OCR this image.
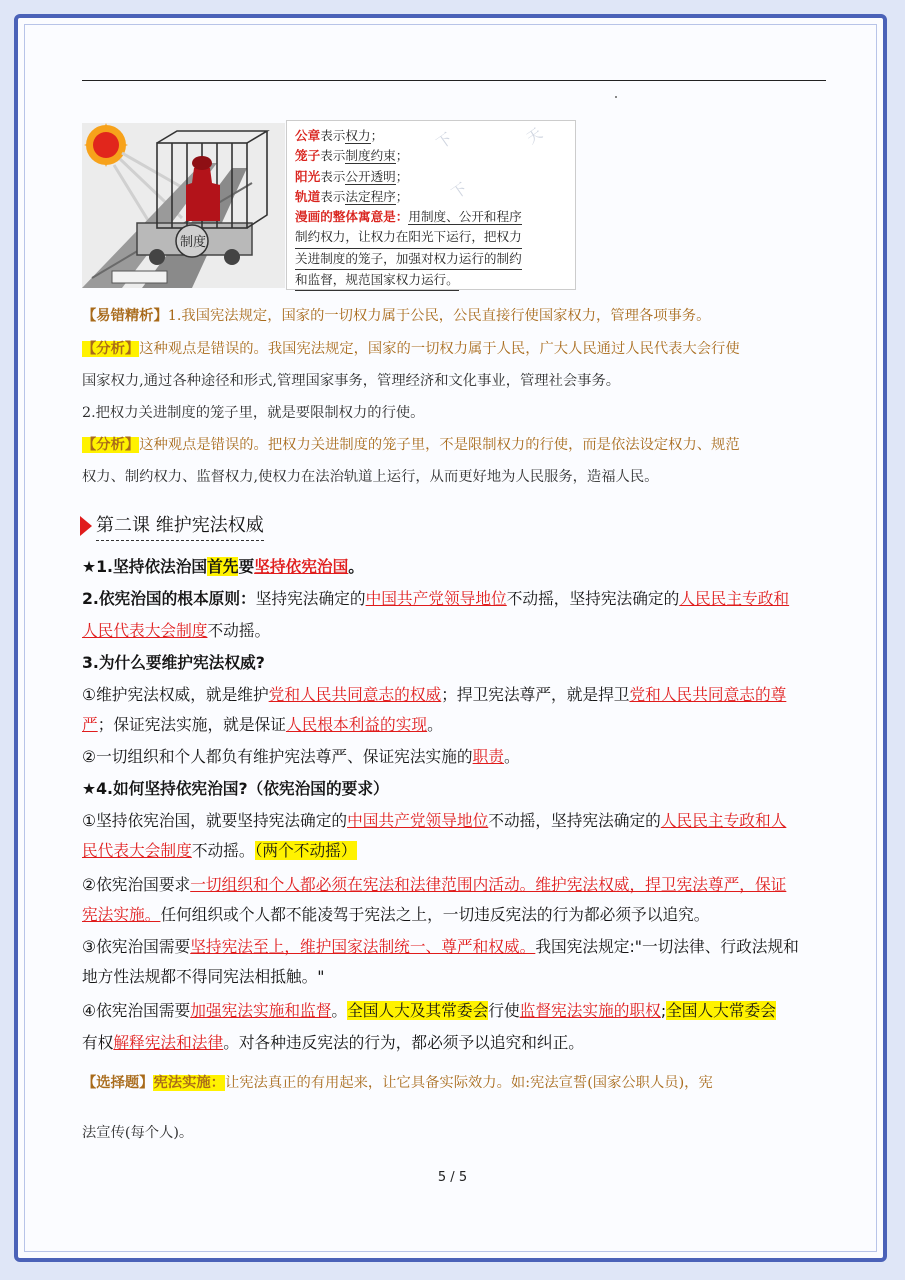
制度
下	天
下
公章表示权力；
笼子表示制度约束；
阳光表示公开透明；
轨道表示法定程序；
漫画的整体寓意是：用制度、公开和程序
制约权力，让权力在阳光下运行，把权力 关进制度的笼子，加强对权力运行的制约 和监督，规范国家权力运行。
【易错精析】1.我国宪法规定，国家的一切权力属于公民，公民直接行使国家权力，管理各项事务。
【分析】这种观点是错误的。我国宪法规定，国家的一切权力属于人民，广大人民通过人民代表大会行使
国家权力,通过各种途径和形式,管理国家事务，管理经济和文化事业，管理社会事务。
2.把权力关进制度的笼子里，就是要限制权力的行使。
【分析】这种观点是错误的。把权力关进制度的笼子里，不是限制权力的行使，而是依法设定权力、规范
权力、制约权力、监督权力,使权力在法治轨道上运行，从而更好地为人民服务，造福人民。
第二课 维护宪法权威
★1.坚持依法治国首先要坚持依宪治国。
2.依宪治国的根本原则：坚持宪法确定的中国共产党领导地位不动摇，坚持宪法确定的人民民主专政和
人民代表大会制度不动摇。
3.为什么要维护宪法权威?
①维护宪法权威，就是维护党和人民共同意志的权威；捍卫宪法尊严，就是捍卫党和人民共同意志的尊
严；保证宪法实施，就是保证人民根本利益的实现。
②一切组织和个人都负有维护宪法尊严、保证宪法实施的职责。
★4.如何坚持依宪治国?（依宪治国的要求）
①坚持依宪治国，就要坚持宪法确定的中国共产党领导地位不动摇，坚持宪法确定的人民民主专政和人
民代表大会制度不动摇。（两个不动摇）
②依宪治国要求一切组织和个人都必须在宪法和法律范围内活动。维护宪法权威，捍卫宪法尊严，保证
宪法实施。任何组织或个人都不能凌驾于宪法之上，一切违反宪法的行为都必须予以追究。
③依宪治国需要坚持宪法至上，维护国家法制统一、尊严和权威。我国宪法规定:"一切法律、行政法规和
地方性法规都不得同宪法相抵触。"
④依宪治国需要加强宪法实施和监督。全国人大及其常委会行使监督宪法实施的职权;全国人大常委会
有权解释宪法和法律。对各种违反宪法的行为，都必须予以追究和纠正。
【选择题】宪法实施：让宪法真正的有用起来，让它具备实际效力。如:宪法宣誓(国家公职人员)，宪
法宣传(每个人)。
5 / 5
